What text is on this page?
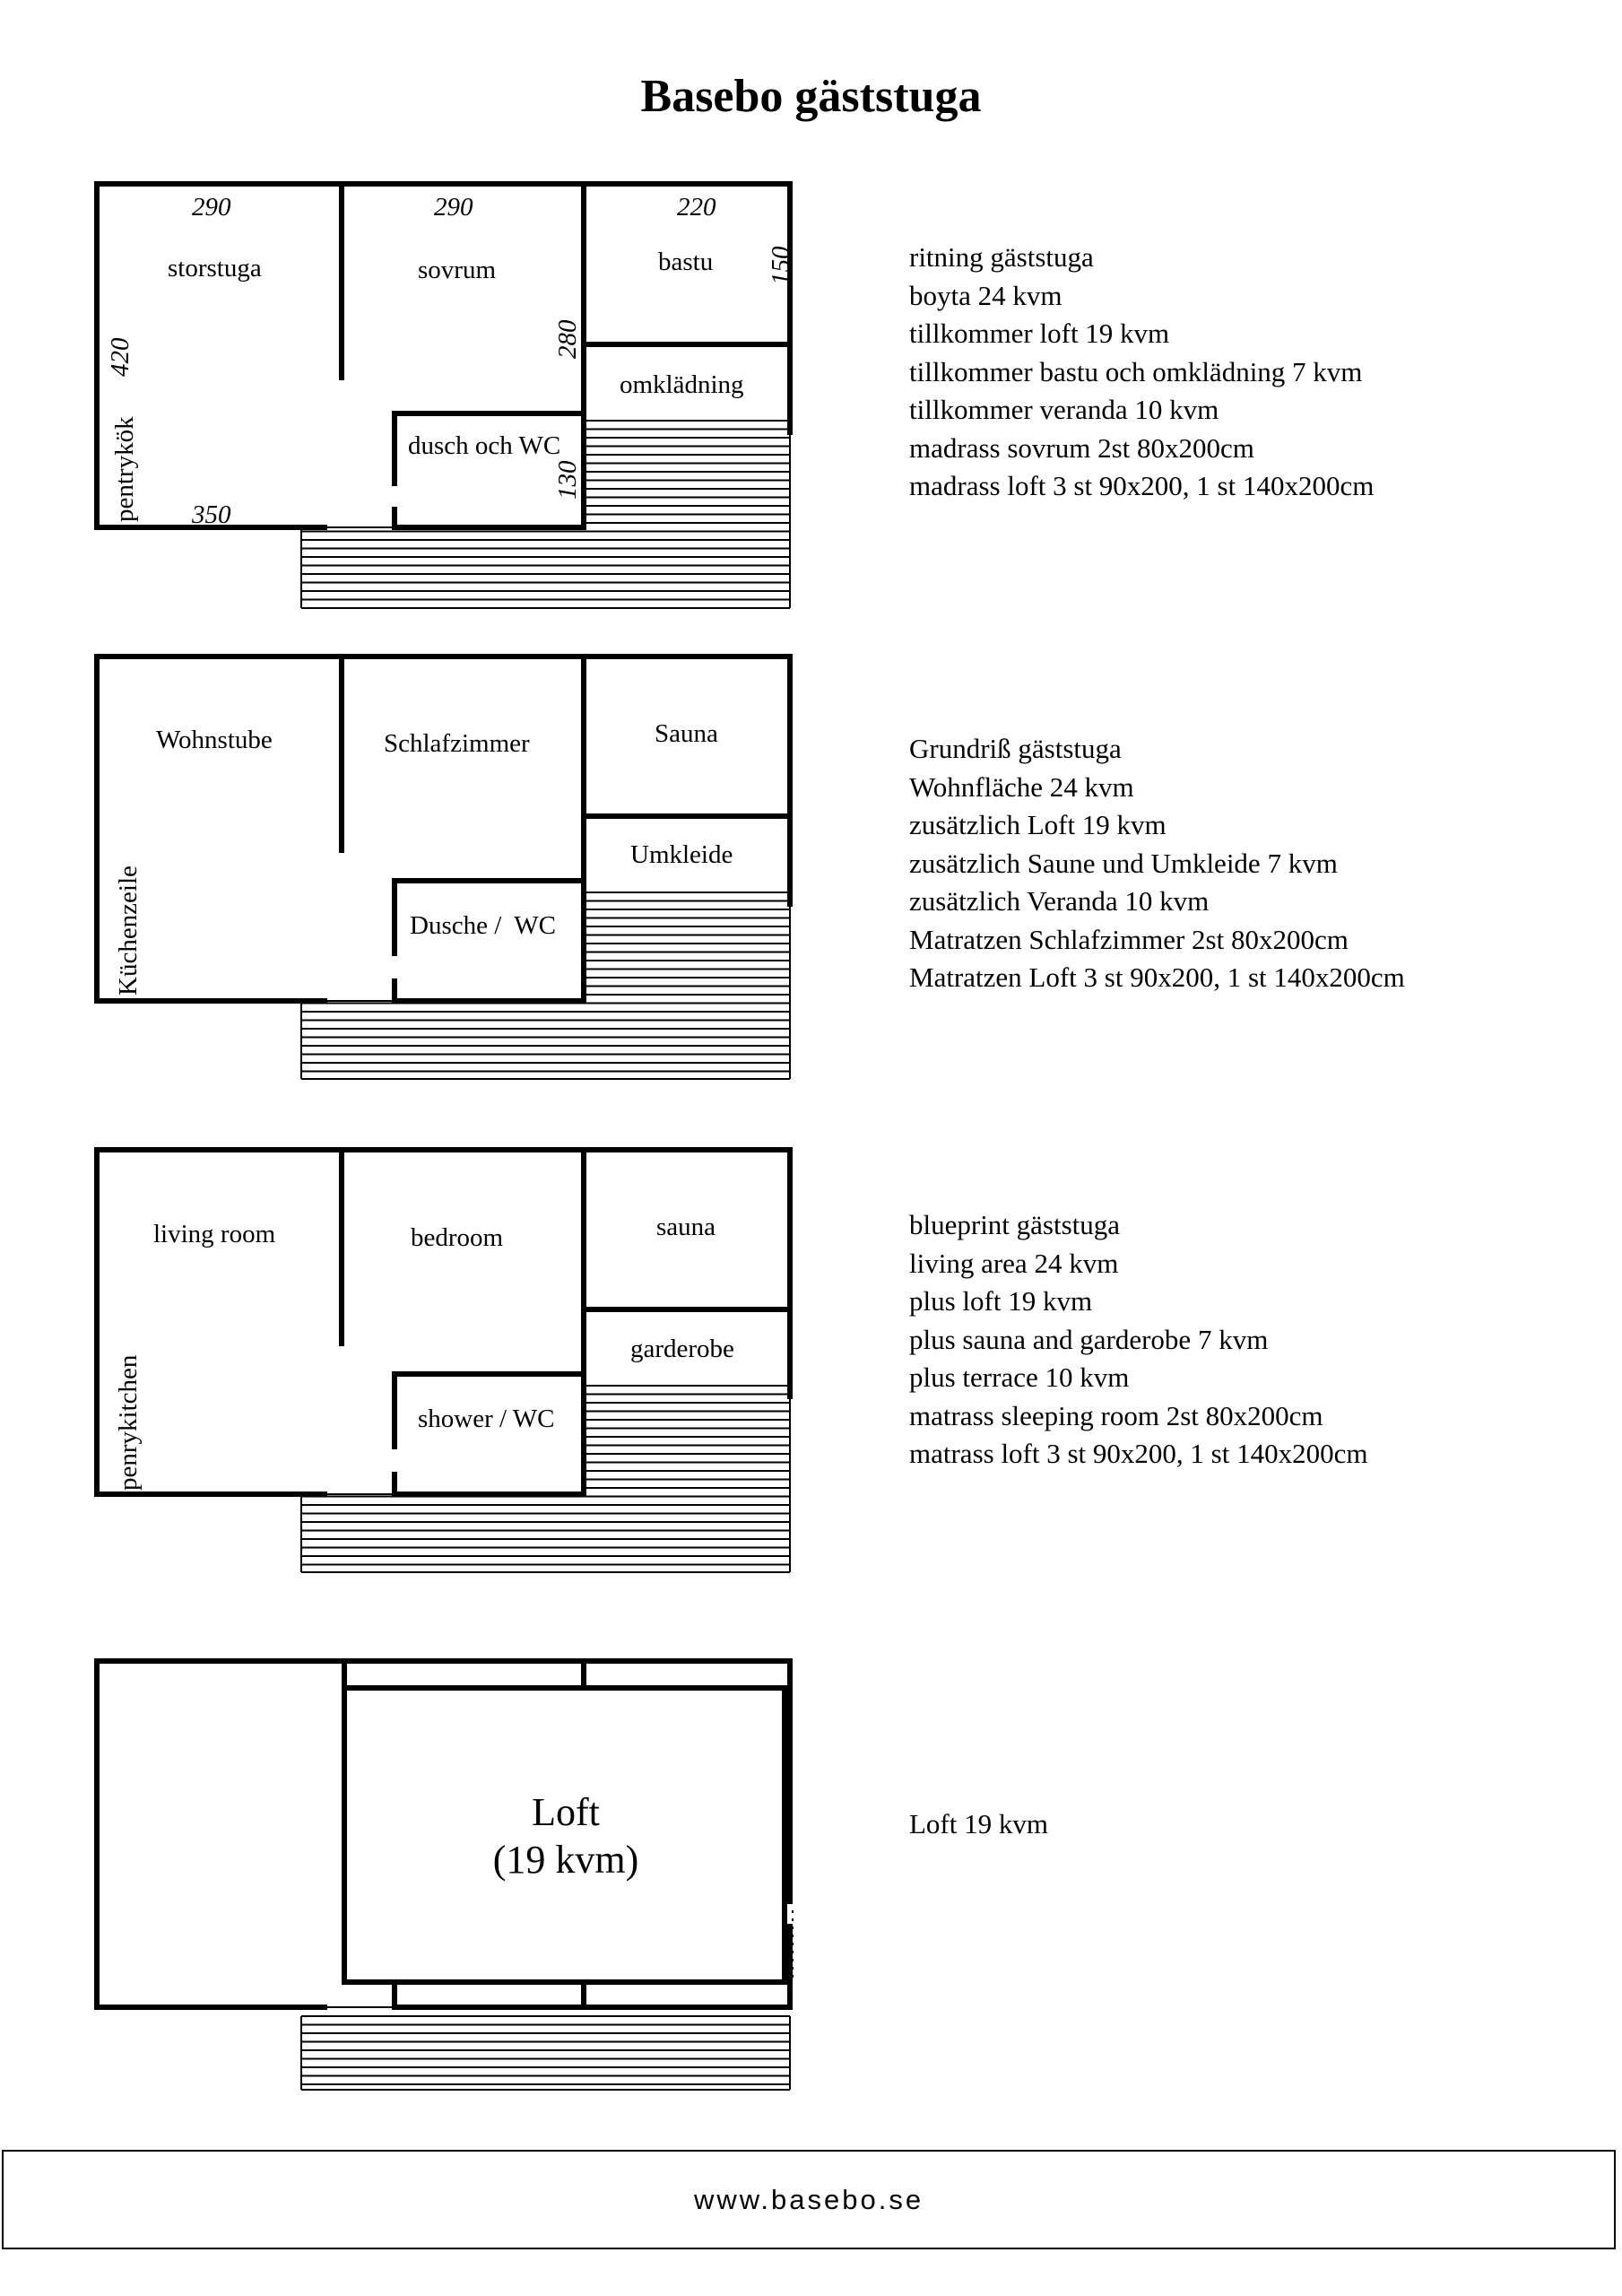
Basebo gäststuga
290	290	220
150
420	280
130
350
storstuga	sovrum	bastu
omklädning
dusch och WC
pentrykök
Wohnstube	Schlafzimmer	Sauna
Umkleide
Dusche /  WC
Küchenzeile
living room	bedroom	sauna
garderobe
shower / WC
penrykitchen
Loft
(19 kvm)
ritning gäststuga
boyta 24 kvm
tillkommer loft 19 kvm
tillkommer bastu och omklädning 7 kvm
tillkommer veranda 10 kvm
madrass sovrum 2st 80x200cm
madrass loft 3 st 90x200, 1 st 140x200cm
Grundriß gäststuga
Wohnfläche 24 kvm
zusätzlich Loft 19 kvm
zusätzlich Saune und Umkleide 7 kvm
zusätzlich Veranda 10 kvm
Matratzen Schlafzimmer 2st 80x200cm
Matratzen Loft 3 st 90x200, 1 st 140x200cm
blueprint gäststuga
living area 24 kvm
plus loft 19 kvm
plus sauna and garderobe 7 kvm
plus terrace 10 kvm
matrass sleeping room 2st 80x200cm
matrass loft 3 st 90x200, 1 st 140x200cm
Loft 19 kvm
www.basebo.se
